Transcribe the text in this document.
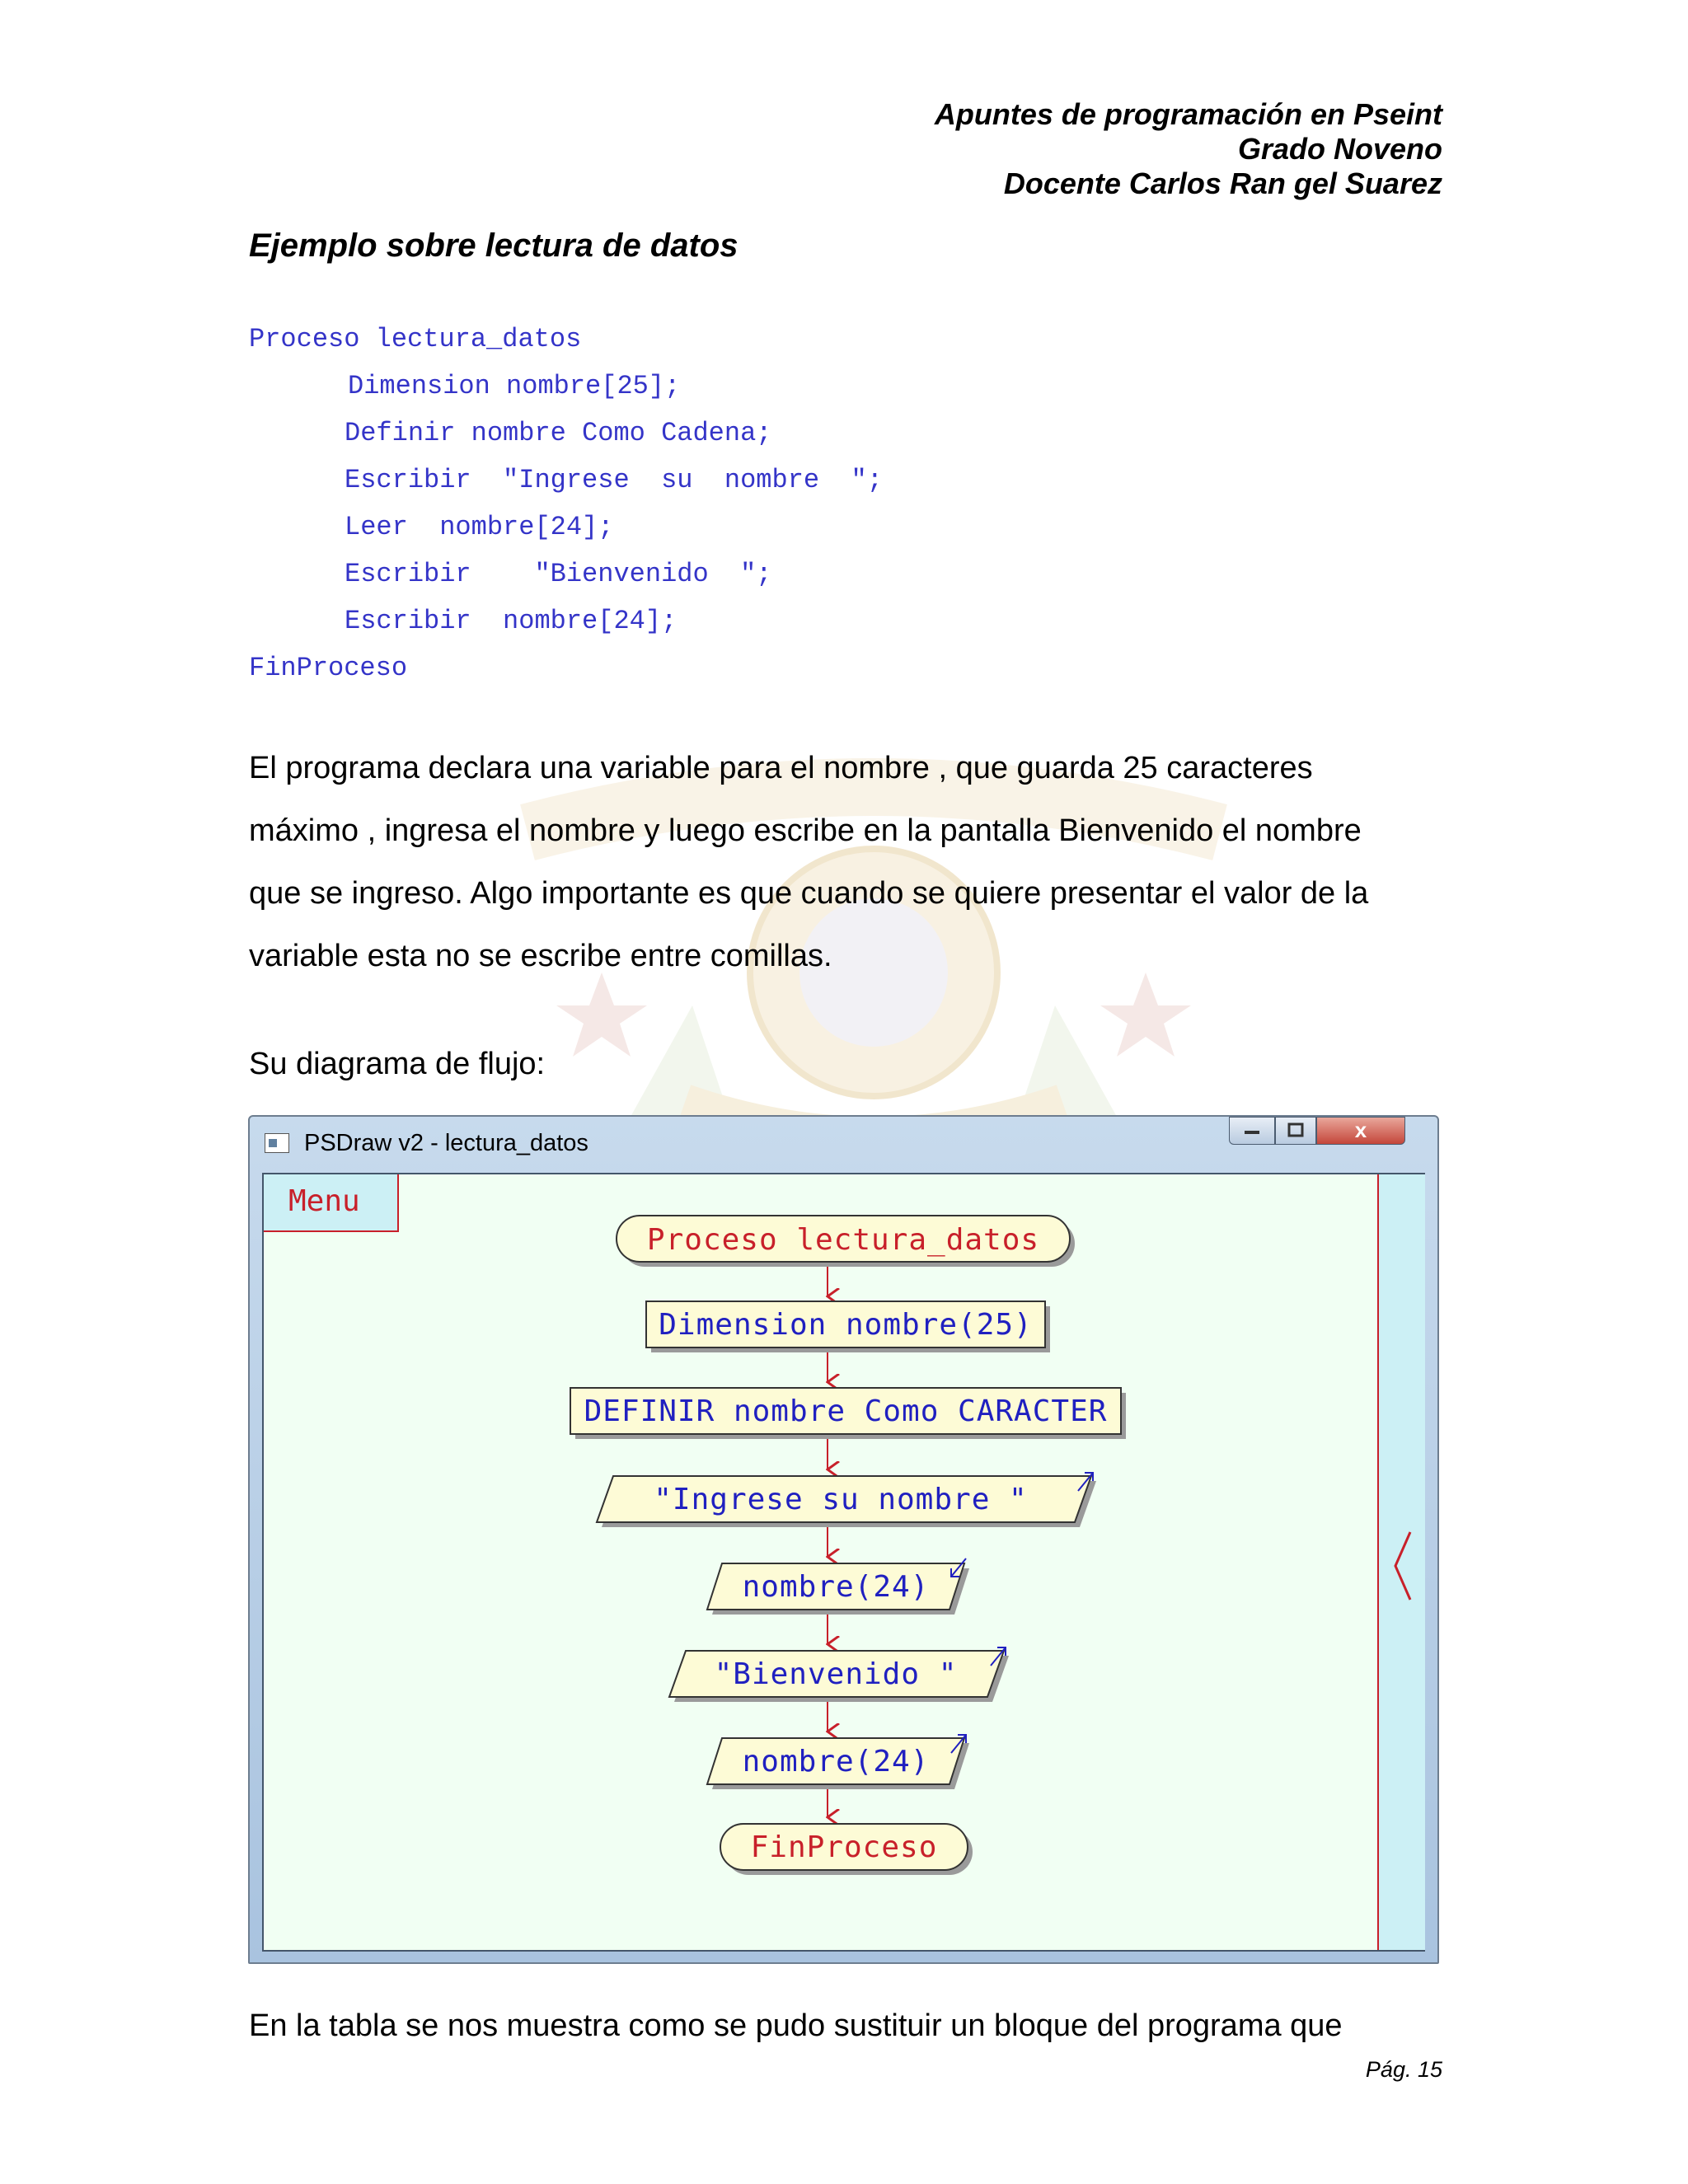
Apuntes de programación en Pseint
Grado Noveno
Docente Carlos Ran gel Suarez
Ejemplo sobre lectura de datos
Proceso lectura_datos
Dimension nombre[25];
Definir nombre Como Cadena;
Escribir  "Ingrese  su  nombre  ";
Leer  nombre[24];
Escribir    "Bienvenido  ";
Escribir  nombre[24];
FinProceso

El programa declara una variable para el nombre , que guarda 25 caracteres

máximo , ingresa el nombre y luego escribe en la pantalla Bienvenido el nombre

que se ingreso. Algo importante es que cuando se quiere presentar el valor de la

variable esta no se escribe entre comillas.

Su diagrama de flujo:
PSDraw v2 - lectura_datos	x
Menu
Proceso lectura_datos
Dimension nombre(25)
DEFINIR nombre Como CARACTER
"Ingrese su nombre "
nombre(24)
"Bienvenido "
nombre(24)
FinProceso
En la tabla se nos muestra como se pudo sustituir un bloque del programa que
Pág. 15
